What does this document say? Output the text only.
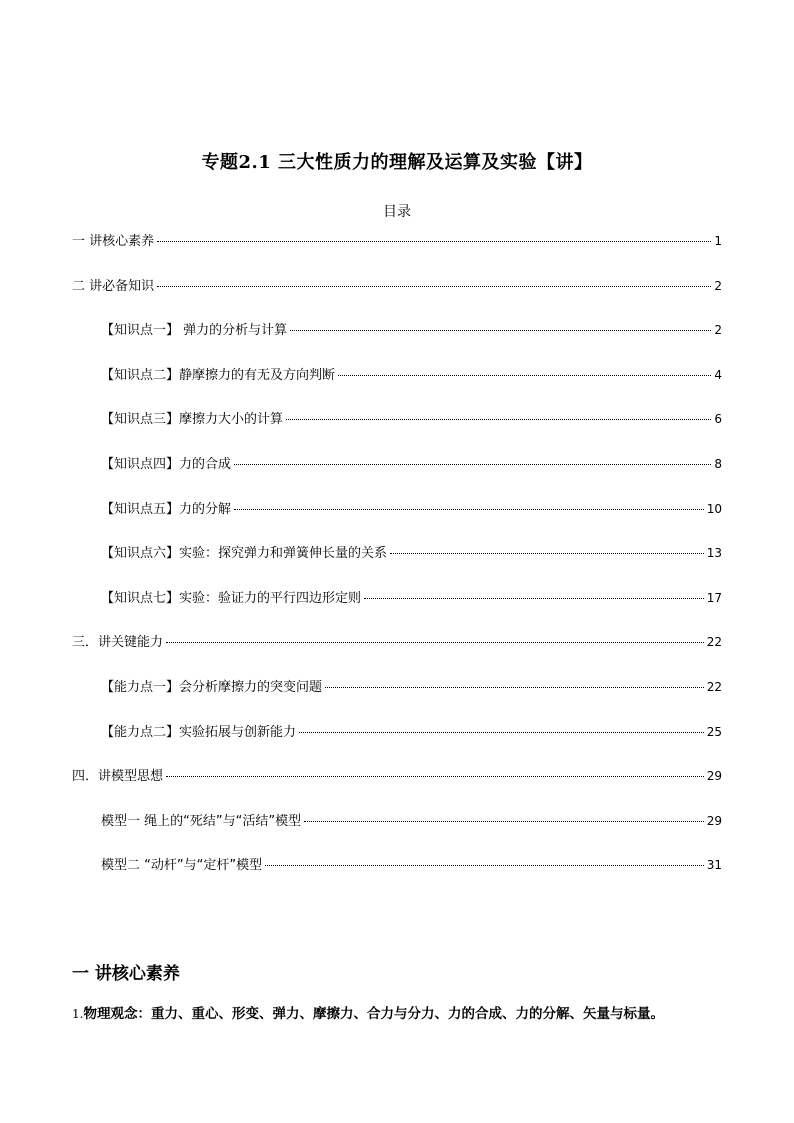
专题2.1 三大性质力的理解及运算及实验【讲】
目录
一 讲核心素养	1
二 讲必备知识	2
【知识点一】 弹力的分析与计算	2
【知识点二】静摩擦力的有无及方向判断	4
【知识点三】摩擦力大小的计算	6
【知识点四】力的合成	8
【知识点五】力的分解	10
【知识点六】实验：探究弹力和弹簧伸长量的关系	13
【知识点七】实验：验证力的平行四边形定则	17
三．讲关键能力	22
【能力点一】会分析摩擦力的突变问题	22
【能力点二】实验拓展与创新能力	25
四．讲模型思想	29
模型一 绳上的“死结”与“活结”模型	29
模型二 “动杆”与“定杆”模型	31
一 讲核心素养
1.物理观念：重力、重心、形变、弹力、摩擦力、合力与分力、力的合成、力的分解、矢量与标量。
